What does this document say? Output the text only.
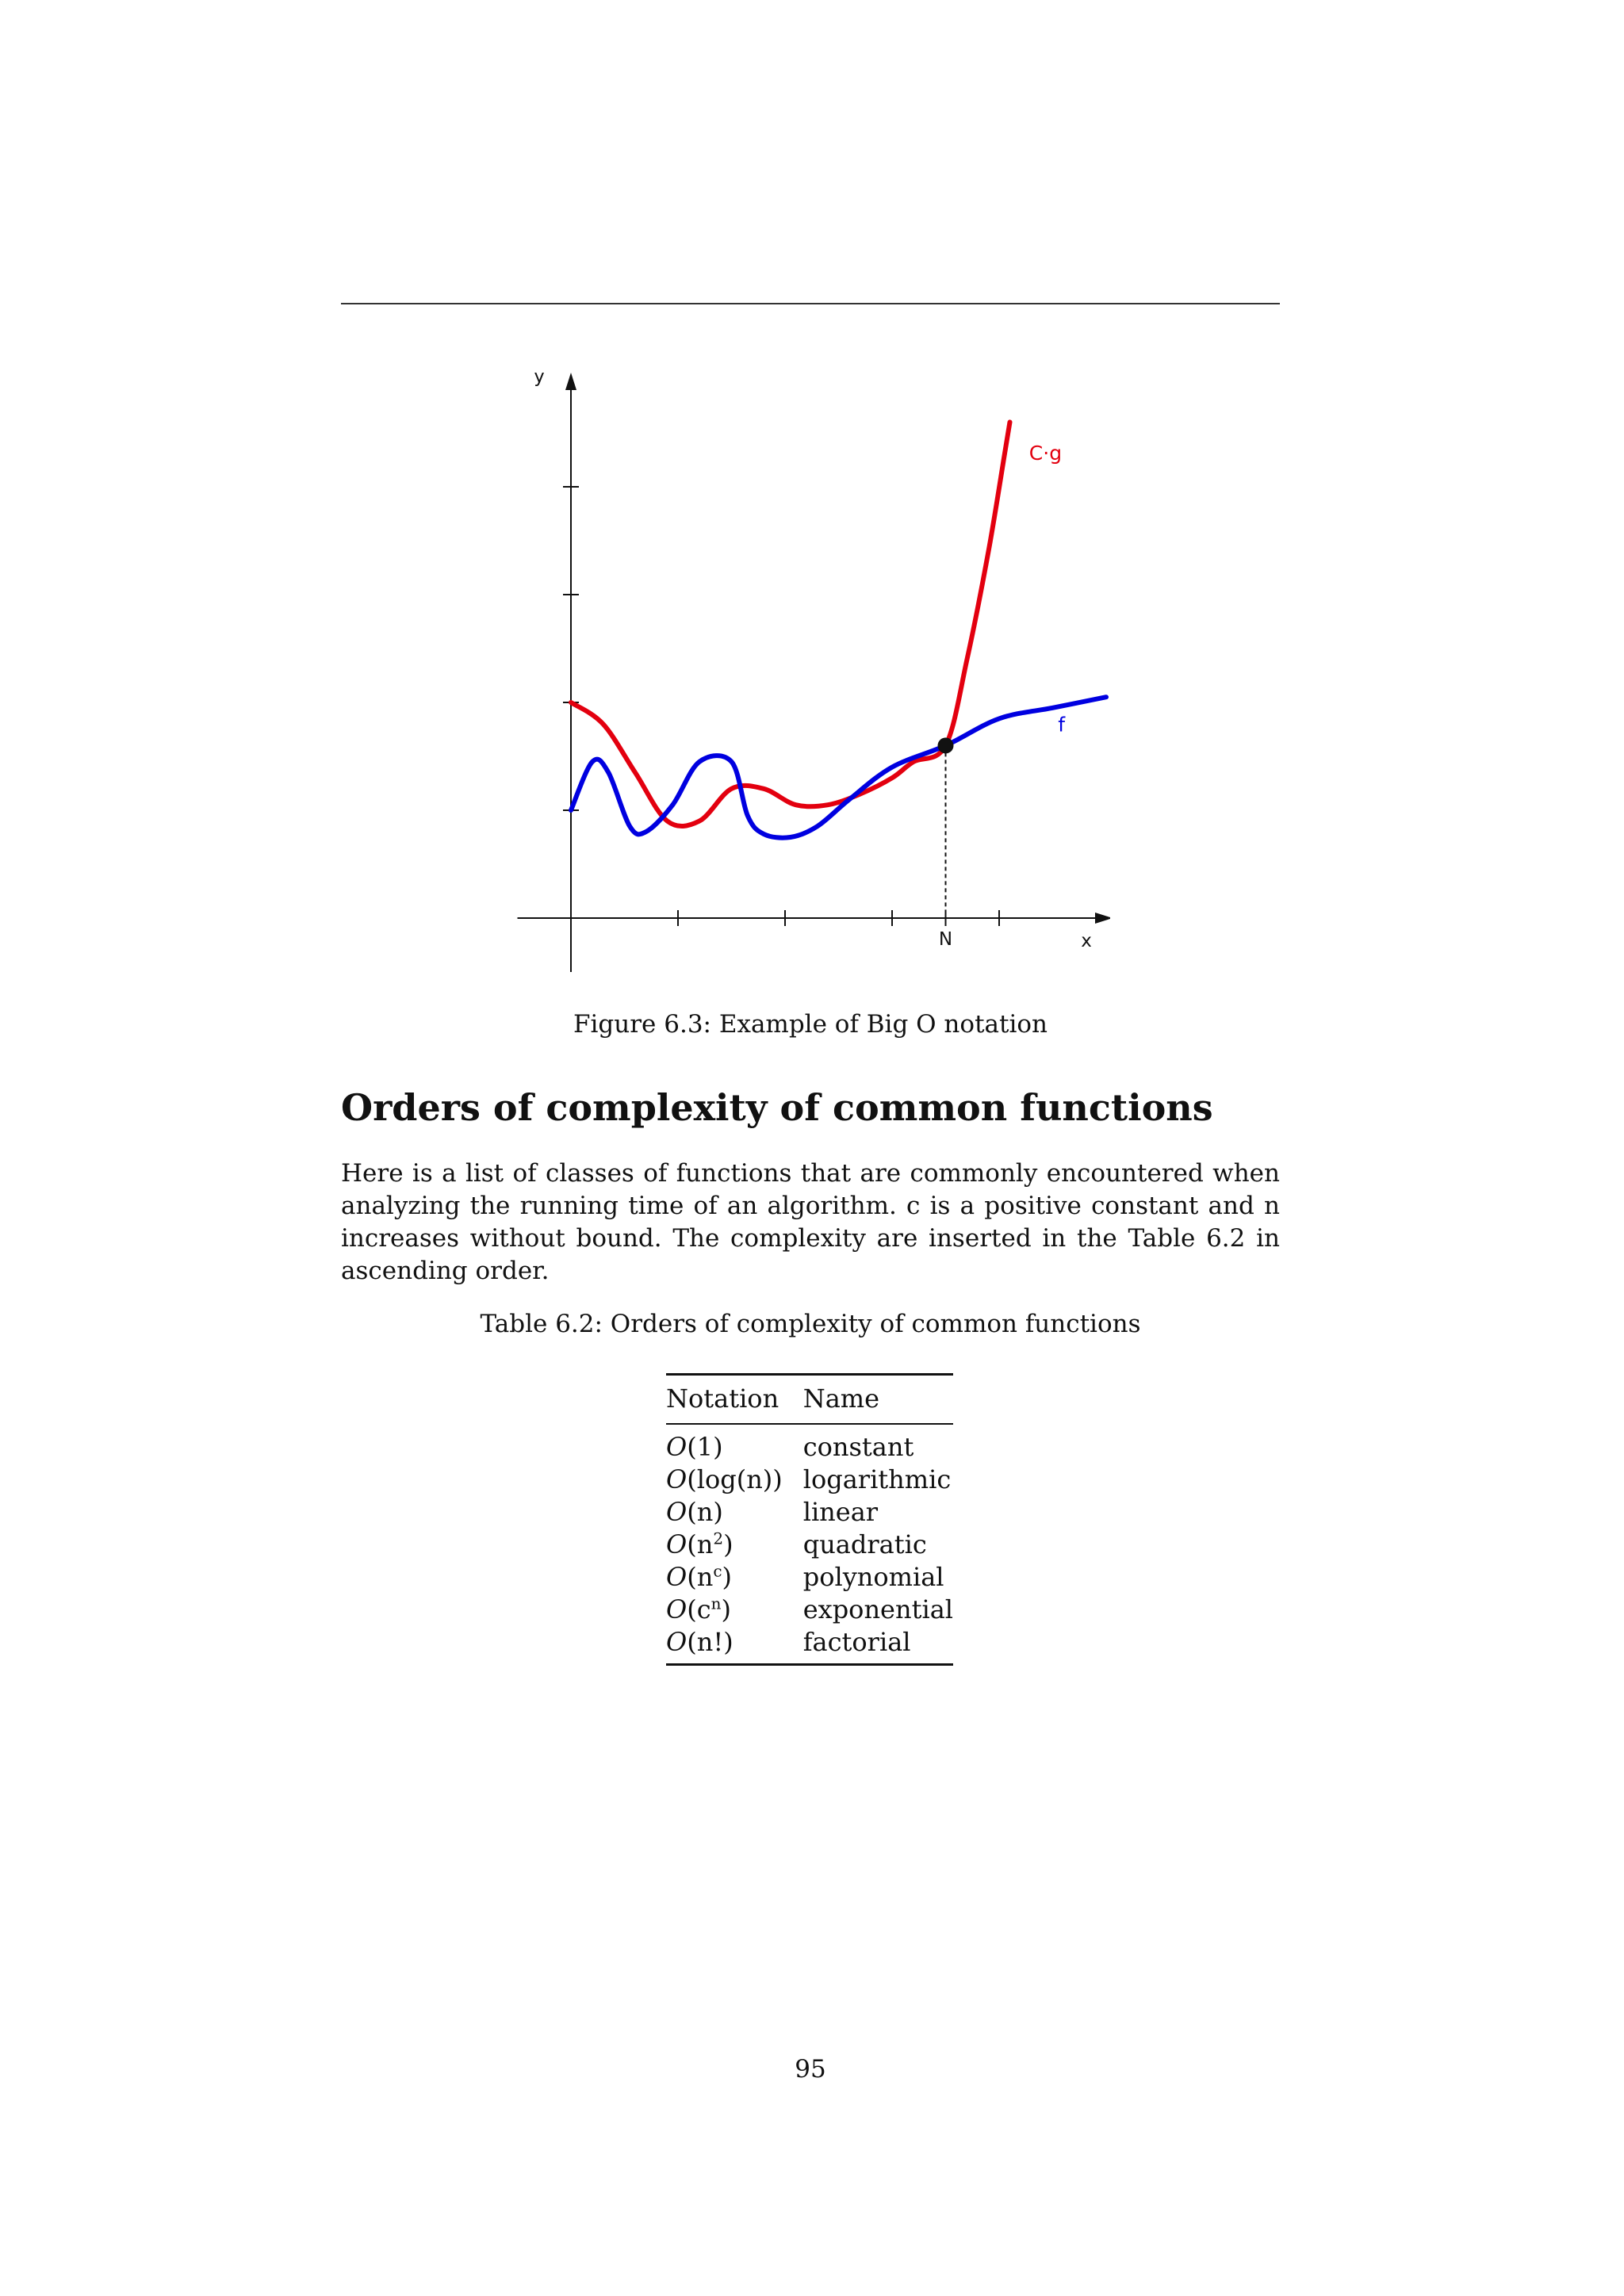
x
y
N
C·g
f
Figure 6.3: Example of Big O notation
Orders of complexity of common functions

Here is a list of classes of functions that are commonly encountered when analyzing the running time of an algorithm. c is a positive constant and n increases without bound. The complexity are inserted in the Table 6.2 in ascending order.

Table 6.2: Orders of complexity of common functions
Notation	Name
O(1)	constant
O(log(n))	logarithmic
O(n)	linear
$O(n^2)$	quadratic
$O(n^c)$	polynomial
$O(c^n)$	exponential
O(n!)	factorial
95
